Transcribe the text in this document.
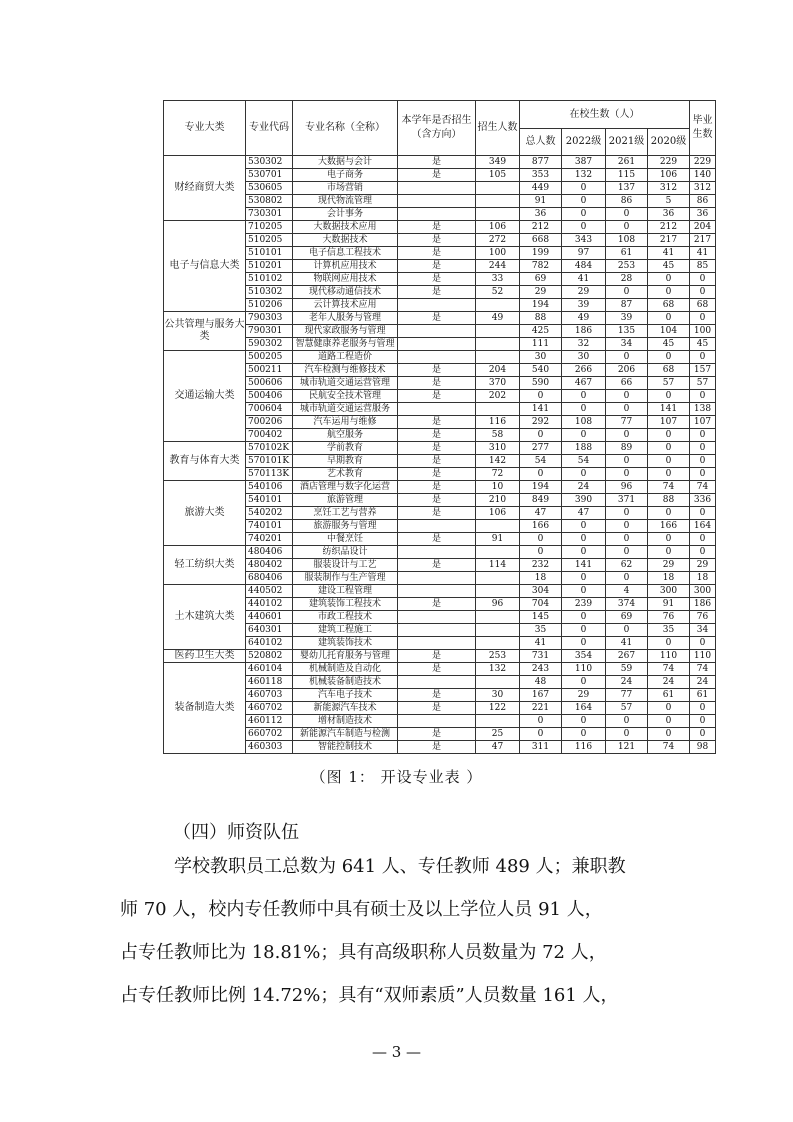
专业大类	专业代码	专业名称（全称）	本学年是否招生（含方向）	招生人数	在校生数（人）				毕业生数
					总人数	2022级	2021级	2020级	
财经商贸大类	530302	大数据与会计	是	349	877	387	261	229	229
	530701	电子商务	是	105	353	132	115	106	140
	530605	市场营销			449	0	137	312	312
	530802	现代物流管理			91	0	86	5	86
	730301	会计事务			36	0	0	36	36
电子与信息大类	710205	大数据技术应用	是	106	212	0	0	212	204
	510205	大数据技术	是	272	668	343	108	217	217
	510101	电子信息工程技术	是	100	199	97	61	41	41
	510201	计算机应用技术	是	244	782	484	253	45	85
	510102	物联网应用技术	是	33	69	41	28	0	0
	510302	现代移动通信技术	是	52	29	29	0	0	0
	510206	云计算技术应用			194	39	87	68	68
公共管理与服务大类	790303	老年人服务与管理	是	49	88	49	39	0	0
	790301	现代家政服务与管理			425	186	135	104	100
	590302	智慧健康养老服务与管理			111	32	34	45	45
交通运输大类	500205	道路工程造价			30	30	0	0	0
	500211	汽车检测与维修技术	是	204	540	266	206	68	157
	500606	城市轨道交通运营管理	是	370	590	467	66	57	57
	500406	民航安全技术管理	是	202	0	0	0	0	0
	700604	城市轨道交通运营服务			141	0	0	141	138
	700206	汽车运用与维修	是	116	292	108	77	107	107
	700402	航空服务	是	58	0	0	0	0	0
教育与体育大类	570102K	学前教育	是	310	277	188	89	0	0
	570101K	早期教育	是	142	54	54	0	0	0
	570113K	艺术教育	是	72	0	0	0	0	0
旅游大类	540106	酒店管理与数字化运营	是	10	194	24	96	74	74
	540101	旅游管理	是	210	849	390	371	88	336
	540202	烹饪工艺与营养	是	106	47	47	0	0	0
	740101	旅游服务与管理			166	0	0	166	164
	740201	中餐烹饪	是	91	0	0	0	0	0
轻工纺织大类	480406	纺织品设计			0	0	0	0	0
	480402	服装设计与工艺	是	114	232	141	62	29	29
	680406	服装制作与生产管理			18	0	0	18	18
土木建筑大类	440502	建设工程管理			304	0	4	300	300
	440102	建筑装饰工程技术	是	96	704	239	374	91	186
	440601	市政工程技术			145	0	69	76	76
	640301	建筑工程施工			35	0	0	35	34
	640102	建筑装饰技术			41	0	41	0	0
医药卫生大类	520802	婴幼儿托育服务与管理	是	253	731	354	267	110	110
装备制造大类	460104	机械制造及自动化	是	132	243	110	59	74	74
	460118	机械装备制造技术			48	0	24	24	24
	460703	汽车电子技术	是	30	167	29	77	61	61
	460702	新能源汽车技术	是	122	221	164	57	0	0
	460112	增材制造技术			0	0	0	0	0
	660702	新能源汽车制造与检测	是	25	0	0	0	0	0
	460303	智能控制技术	是	47	311	116	121	74	98
（图 1： 开设专业表 ）
（四）师资队伍

学校教职员工总数为 641 人、专任教师 489 人；兼职教

师 70 人，校内专任教师中具有硕士及以上学位人员 91 人，

占专任教师比为 18.81%；具有高级职称人员数量为 72 人，

占专任教师比例 14.72%；具有“双师素质”人员数量 161 人，

— 3 —
